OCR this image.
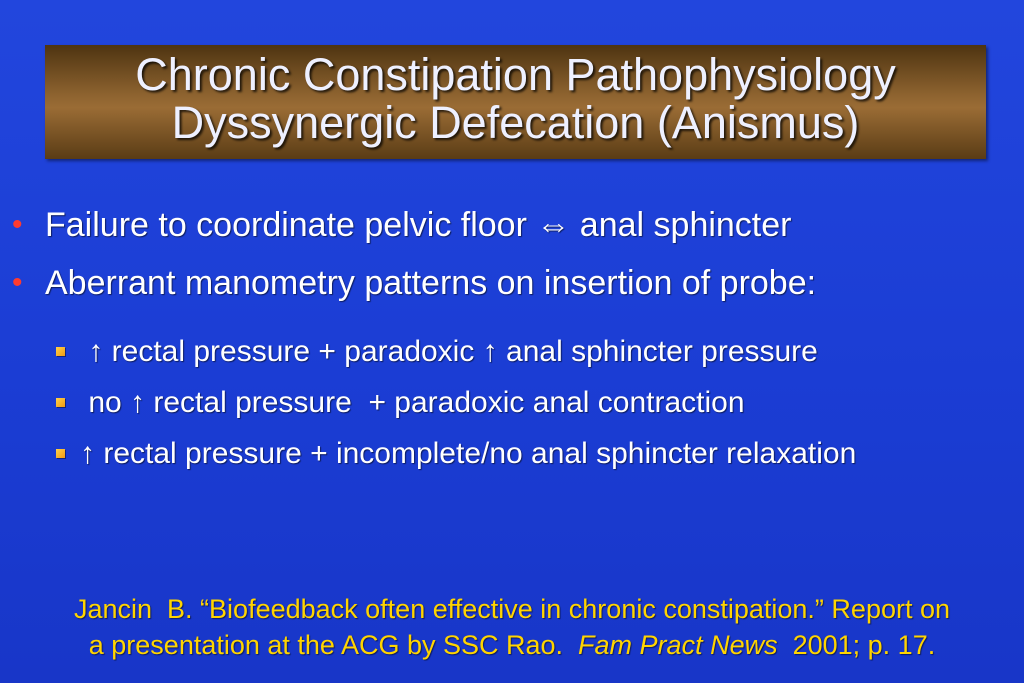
Chronic Constipation Pathophysiology
Dyssynergic Defecation (Anismus)
• Failure to coordinate pelvic floor ⇔ anal sphincter
• Aberrant manometry patterns on insertion of probe:
↑ rectal pressure + paradoxic ↑ anal sphincter pressure
no ↑ rectal pressure  + paradoxic anal contraction
↑ rectal pressure + incomplete/no anal sphincter relaxation
Jancin  B. “Biofeedback often effective in chronic constipation.” Report on
a presentation at the ACG by SSC Rao.  Fam Pract News  2001; p. 17.
